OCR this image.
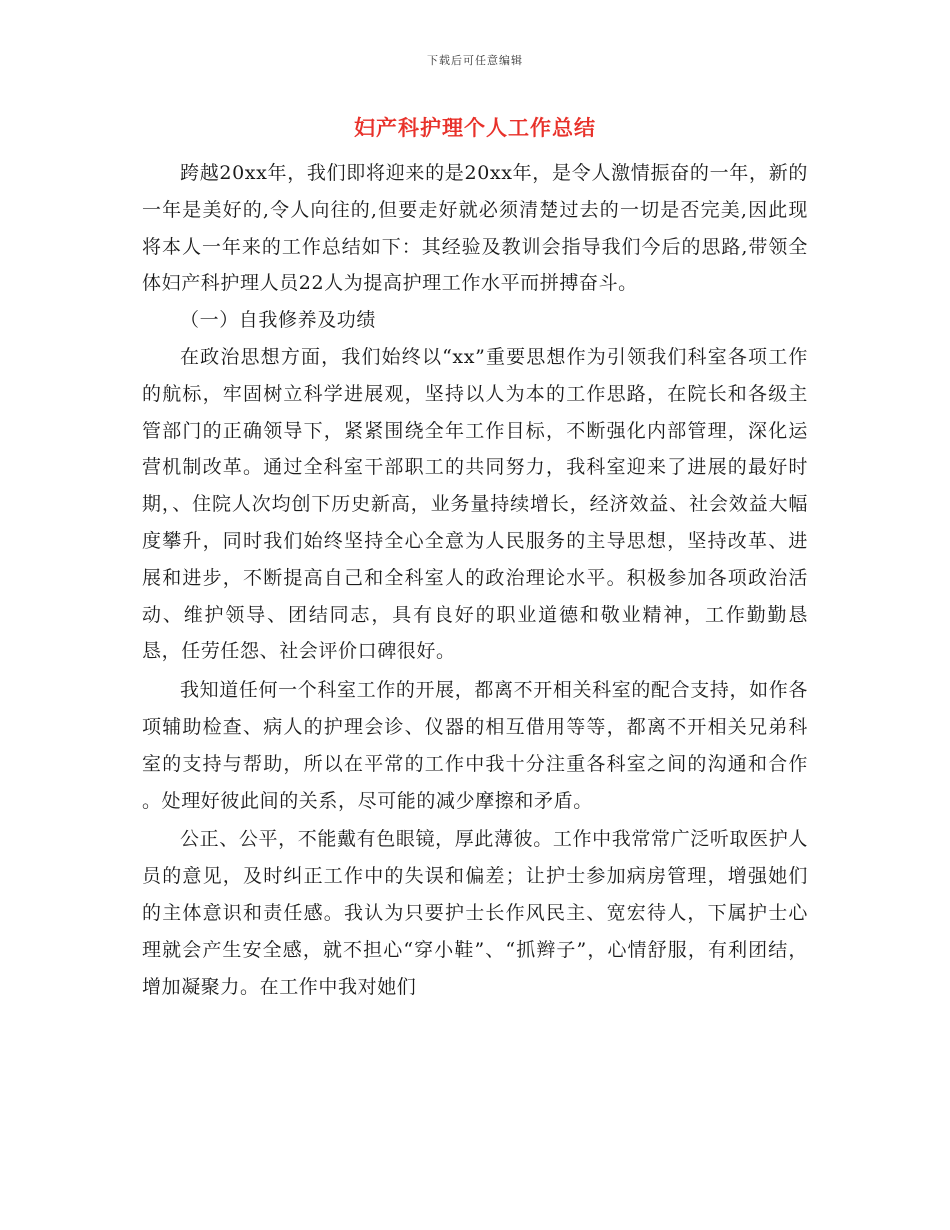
下载后可任意编辑
妇产科护理个人工作总结

跨越20xx年，我们即将迎来的是20xx年，是令人激情振奋的一年，新的一年是美好的,令人向往的,但要走好就必须清楚过去的一切是否完美,因此现将本人一年来的工作总结如下：其经验及教训会指导我们今后的思路,带领全体妇产科护理人员22人为提高护理工作水平而拼搏奋斗。

（一）自我修养及功绩

在政治思想方面，我们始终以“xx”重要思想作为引领我们科室各项工作的航标，牢固树立科学进展观，坚持以人为本的工作思路，在院长和各级主管部门的正确领导下，紧紧围绕全年工作目标，不断强化内部管理，深化运营机制改革。通过全科室干部职工的共同努力，我科室迎来了进展的最好时期，、住院人次均创下历史新高，业务量持续增长，经济效益、社会效益大幅度攀升，同时我们始终坚持全心全意为人民服务的主导思想，坚持改革、进展和进步，不断提高自己和全科室人的政治理论水平。积极参加各项政治活动、维护领导、团结同志，具有良好的职业道德和敬业精神，工作勤勤恳恳，任劳任怨、社会评价口碑很好。

我知道任何一个科室工作的开展，都离不开相关科室的配合支持，如作各项辅助检查、病人的护理会诊、仪器的相互借用等等，都离不开相关兄弟科室的支持与帮助，所以在平常的工作中我十分注重各科室之间的沟通和合作 。处理好彼此间的关系，尽可能的减少摩擦和矛盾。

公正、公平，不能戴有色眼镜，厚此薄彼。工作中我常常广泛听取医护人员的意见，及时纠正工作中的失误和偏差；让护士参加病房管理，增强她们的主体意识和责任感。我认为只要护士长作风民主、宽宏待人，下属护士心理就会产生安全感，就不担心“穿小鞋”、“抓辫子”，心情舒服，有利团结，增加凝聚力。在工作中我对她们
